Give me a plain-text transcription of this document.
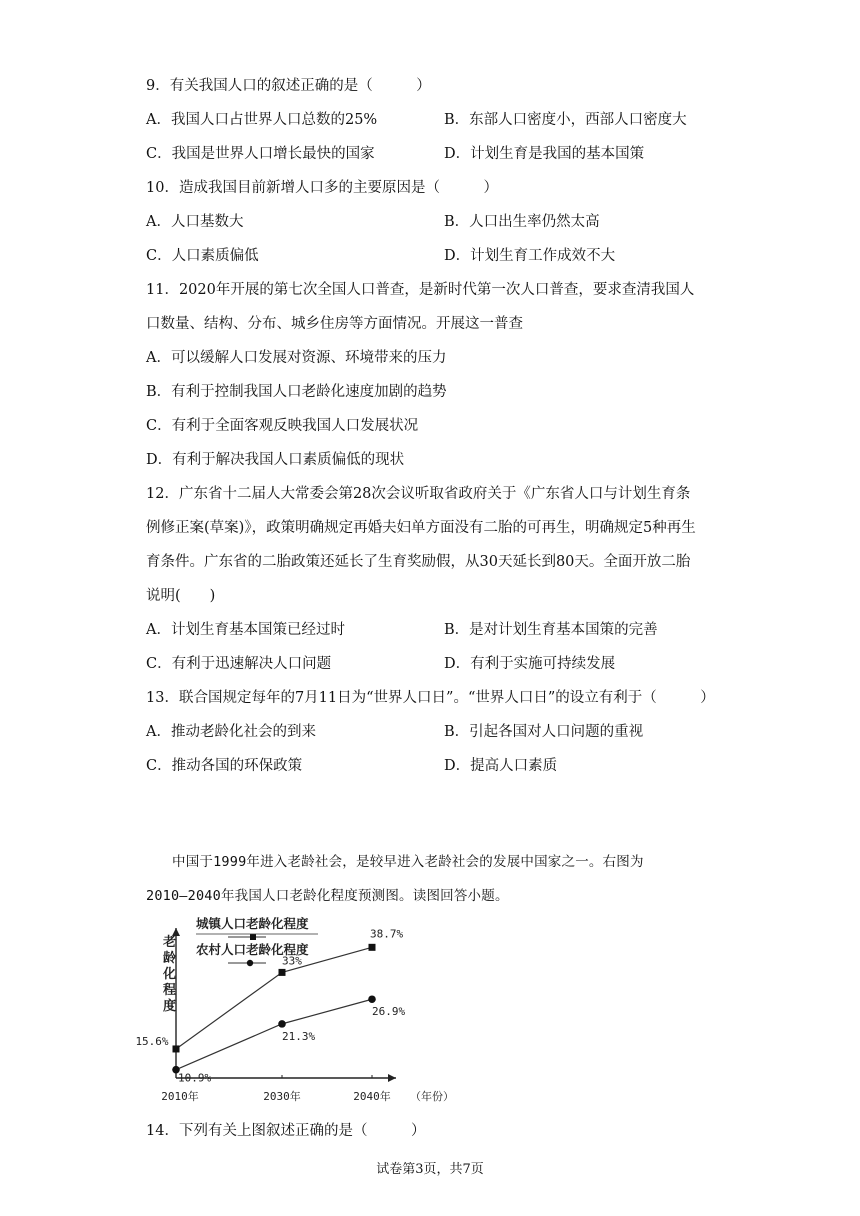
9．有关我国人口的叙述正确的是（　　　）
A．我国人口占世界人口总数的25%	B．东部人口密度小，西部人口密度大
C．我国是世界人口增长最快的国家	D．计划生育是我国的基本国策
10．造成我国目前新增人口多的主要原因是（　　　）
A．人口基数大	B．人口出生率仍然太高
C．人口素质偏低	D．计划生育工作成效不大
11．2020年开展的第七次全国人口普查，是新时代第一次人口普查，要求查清我国人
口数量、结构、分布、城乡住房等方面情况。开展这一普查
A．可以缓解人口发展对资源、环境带来的压力
B．有利于控制我国人口老龄化速度加剧的趋势
C．有利于全面客观反映我国人口发展状况
D．有利于解决我国人口素质偏低的现状
12．广东省十二届人大常委会第28次会议听取省政府关于《广东省人口与计划生育条
例修正案(草案)》，政策明确规定再婚夫妇单方面没有二胎的可再生，明确规定5种再生
育条件。广东省的二胎政策还延长了生育奖励假，从30天延长到80天。全面开放二胎
说明(　　)
A．计划生育基本国策已经过时	B．是对计划生育基本国策的完善
C．有利于迅速解决人口问题	D．有利于实施可持续发展
13．联合国规定每年的7月11日为“世界人口日”。“世界人口日”的设立有利于（　　　）
A．推动老龄化社会的到来	B．引起各国对人口问题的重视
C．推动各国的环保政策	D．提高人口素质
中国于1999年进入老龄社会，是较早进入老龄社会的发展中国家之一。右图为
2010—2040年我国人口老龄化程度预测图。读图回答小题。
老
龄
化
程
度
2010年	2030年	2040年 （年份）
15.6%
33%
38.7%
10.9%
21.3%
26.9%
城镇人口老龄化程度
农村人口老龄化程度
14．下列有关上图叙述正确的是（　　　）
试卷第3页，共7页
